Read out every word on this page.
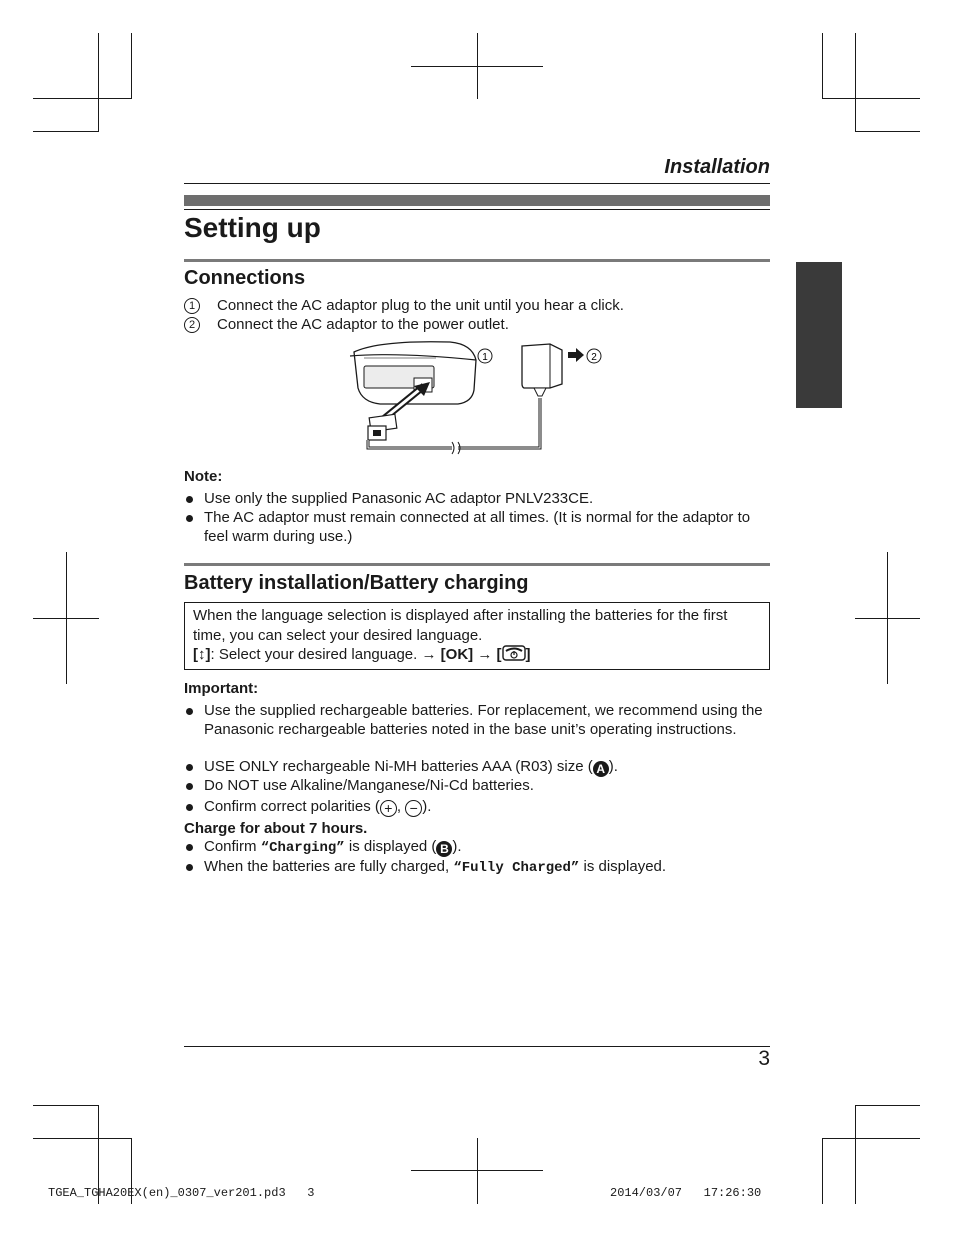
Installation
Setting up
Connections
1	Connect the AC adaptor plug to the unit until you hear a click.
2	Connect the AC adaptor to the power outlet.
1	2
Note:
Use only the supplied Panasonic AC adaptor PNLV233CE.
The AC adaptor must remain connected at all times. (It is normal for the adaptor to feel warm during use.)
Battery installation/Battery charging
When the language selection is displayed after installing the batteries for the first time, you can select your desired language.
[↕]: Select your desired language. → [OK] → [ ]
Important:
Use the supplied rechargeable batteries. For replacement, we recommend using the Panasonic rechargeable batteries noted in the base unit’s operating instructions.
USE ONLY rechargeable Ni-MH batteries AAA (R03) size ( A ).
Do NOT use Alkaline/Manganese/Ni-Cd batteries.
Confirm correct polarities ( + , − ).
Charge for about 7 hours.
Confirm “Charging” is displayed ( B ).
When the batteries are fully charged, “Fully Charged” is displayed.
3
TGEA_TGHA20EX(en)_0307_ver201.pd3   3	2014/03/07   17:26:30
